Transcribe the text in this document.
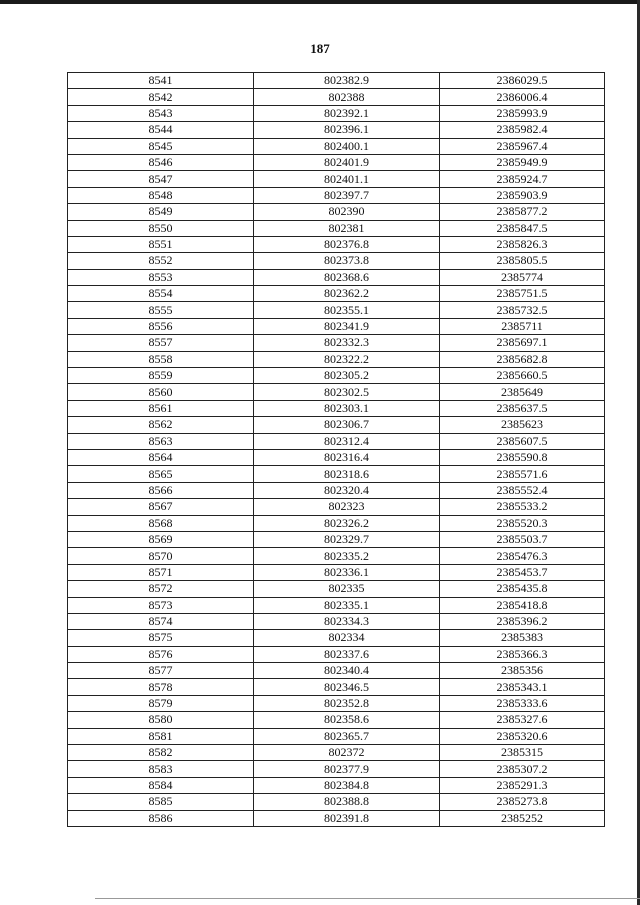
187
8541	802382.9	2386029.5
8542	802388	2386006.4
8543	802392.1	2385993.9
8544	802396.1	2385982.4
8545	802400.1	2385967.4
8546	802401.9	2385949.9
8547	802401.1	2385924.7
8548	802397.7	2385903.9
8549	802390	2385877.2
8550	802381	2385847.5
8551	802376.8	2385826.3
8552	802373.8	2385805.5
8553	802368.6	2385774
8554	802362.2	2385751.5
8555	802355.1	2385732.5
8556	802341.9	2385711
8557	802332.3	2385697.1
8558	802322.2	2385682.8
8559	802305.2	2385660.5
8560	802302.5	2385649
8561	802303.1	2385637.5
8562	802306.7	2385623
8563	802312.4	2385607.5
8564	802316.4	2385590.8
8565	802318.6	2385571.6
8566	802320.4	2385552.4
8567	802323	2385533.2
8568	802326.2	2385520.3
8569	802329.7	2385503.7
8570	802335.2	2385476.3
8571	802336.1	2385453.7
8572	802335	2385435.8
8573	802335.1	2385418.8
8574	802334.3	2385396.2
8575	802334	2385383
8576	802337.6	2385366.3
8577	802340.4	2385356
8578	802346.5	2385343.1
8579	802352.8	2385333.6
8580	802358.6	2385327.6
8581	802365.7	2385320.6
8582	802372	2385315
8583	802377.9	2385307.2
8584	802384.8	2385291.3
8585	802388.8	2385273.8
8586	802391.8	2385252
